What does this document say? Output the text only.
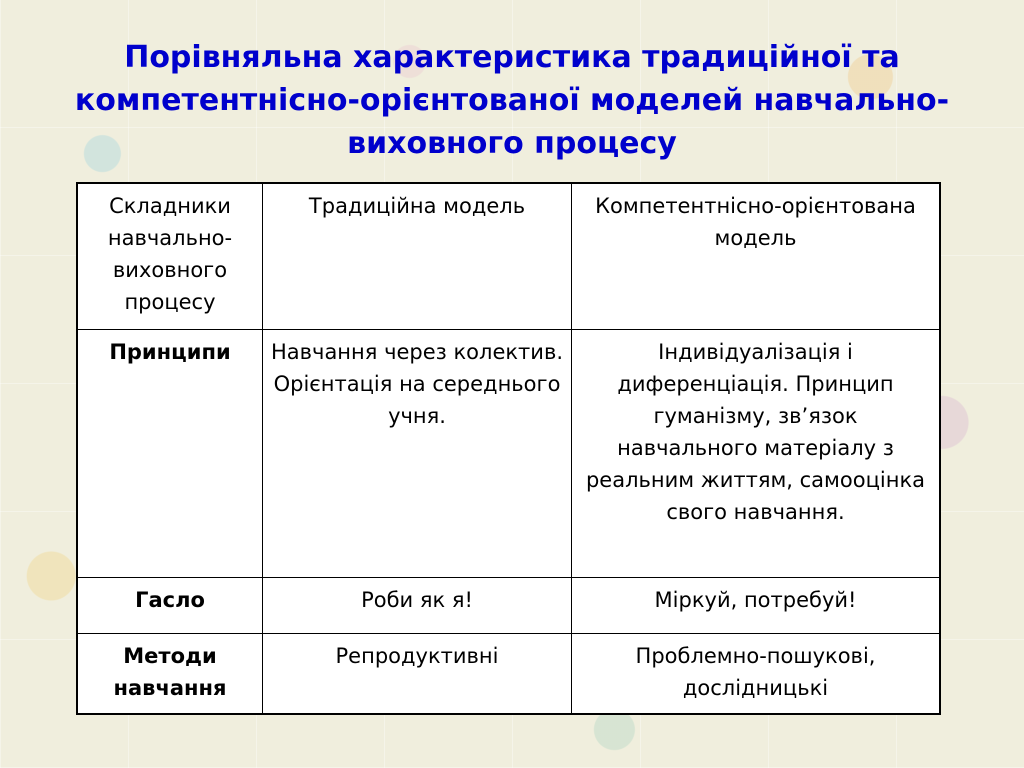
Порівняльна характеристика традиційної та компетентнісно-орієнтованої моделей навчально-виховного процесу
Складники навчально-виховного процесу	Традиційна модель	Компетентнісно-орієнтована модель
Принципи	Навчання через колектив. Орієнтація на середнього учня.	Індивідуалізація і диференціація. Принцип гуманізму, зв’язок навчального матеріалу з реальним життям, самооцінка свого навчання.
Гасло	Роби як я!	Міркуй, потребуй!
Методи навчання	Репродуктивні	Проблемно-пошукові, дослідницькі
